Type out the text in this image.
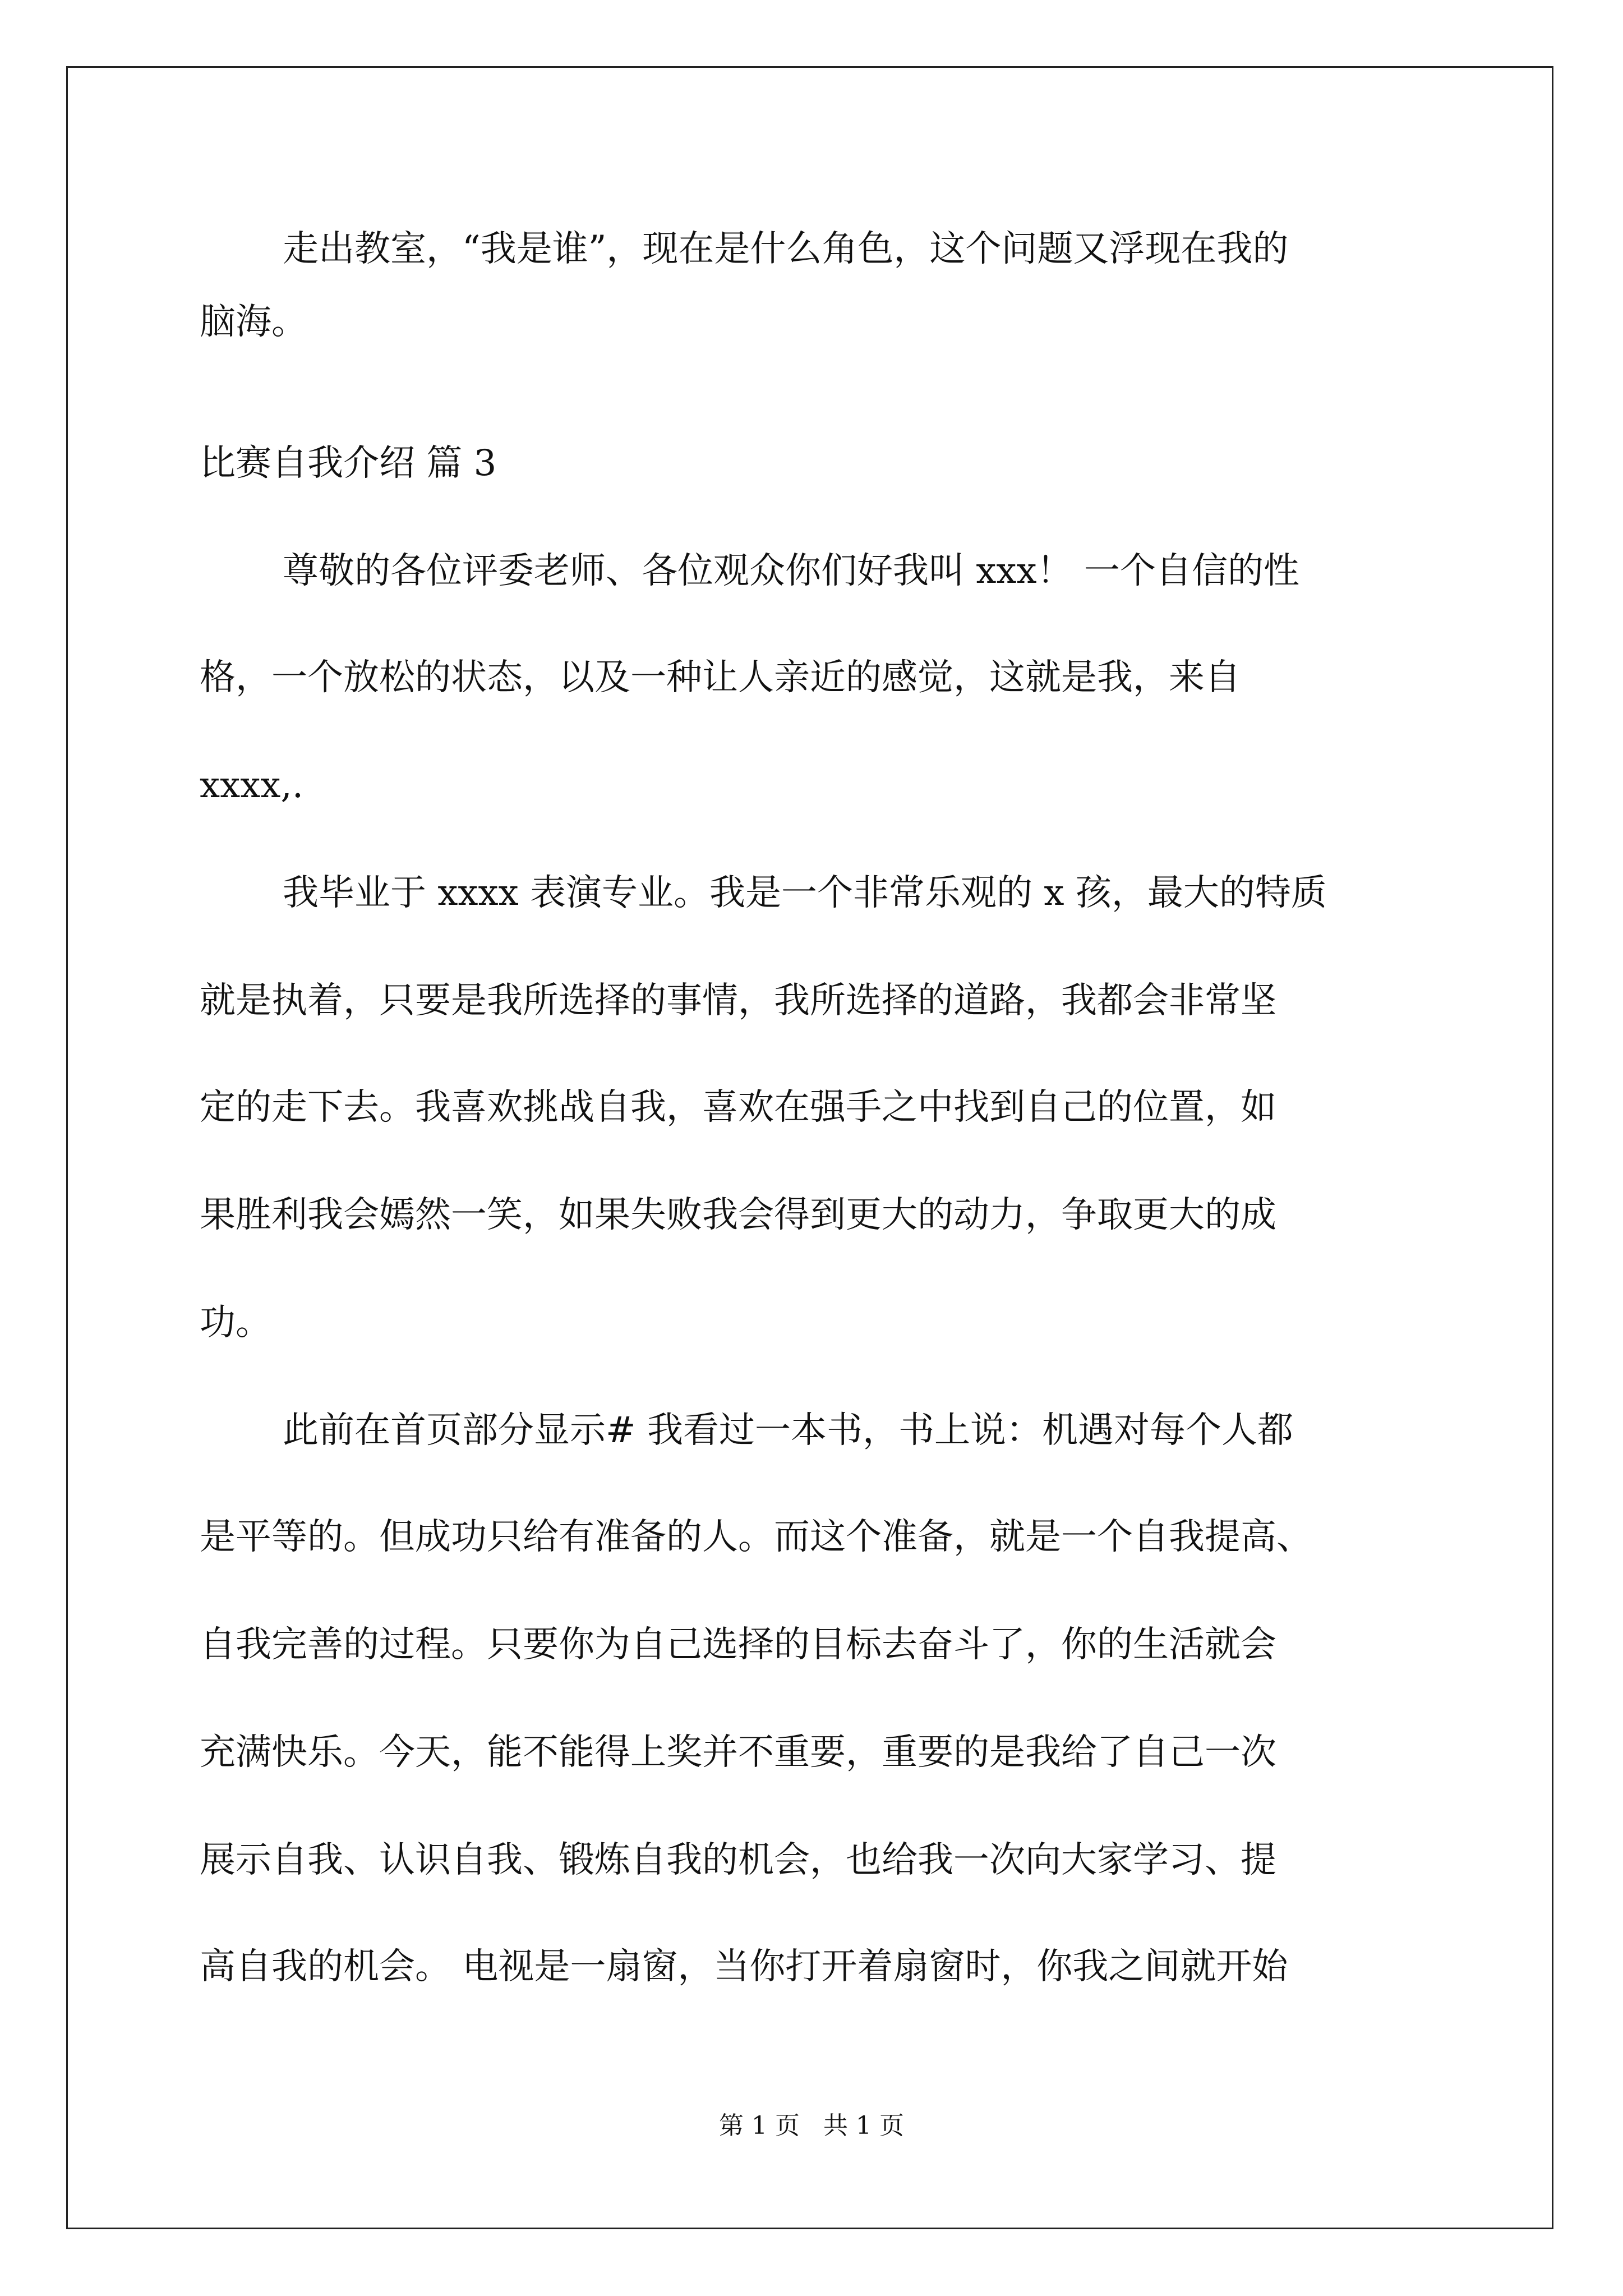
走出教室，“我是谁”，现在是什么角色，这个问题又浮现在我的
脑海。
比赛自我介绍 篇 3
尊敬的各位评委老师、各位观众你们好我叫 xxx！ 一个自信的性
格，一个放松的状态，以及一种让人亲近的感觉，这就是我，来自
xxxx,.
我毕业于 xxxx 表演专业。我是一个非常乐观的 x 孩，最大的特质
就是执着，只要是我所选择的事情，我所选择的道路，我都会非常坚
定的走下去。我喜欢挑战自我，喜欢在强手之中找到自己的位置，如
果胜利我会嫣然一笑，如果失败我会得到更大的动力，争取更大的成
功。
此前在首页部分显示# 我看过一本书，书上说：机遇对每个人都
是平等的。但成功只给有准备的人。而这个准备，就是一个自我提高、
自我完善的过程。只要你为自己选择的目标去奋斗了，你的生活就会
充满快乐。今天，能不能得上奖并不重要，重要的是我给了自己一次
展示自我、认识自我、锻炼自我的机会，也给我一次向大家学习、提
高自我的机会。 电视是一扇窗，当你打开着扇窗时，你我之间就开始
第 1 页   共 1 页
